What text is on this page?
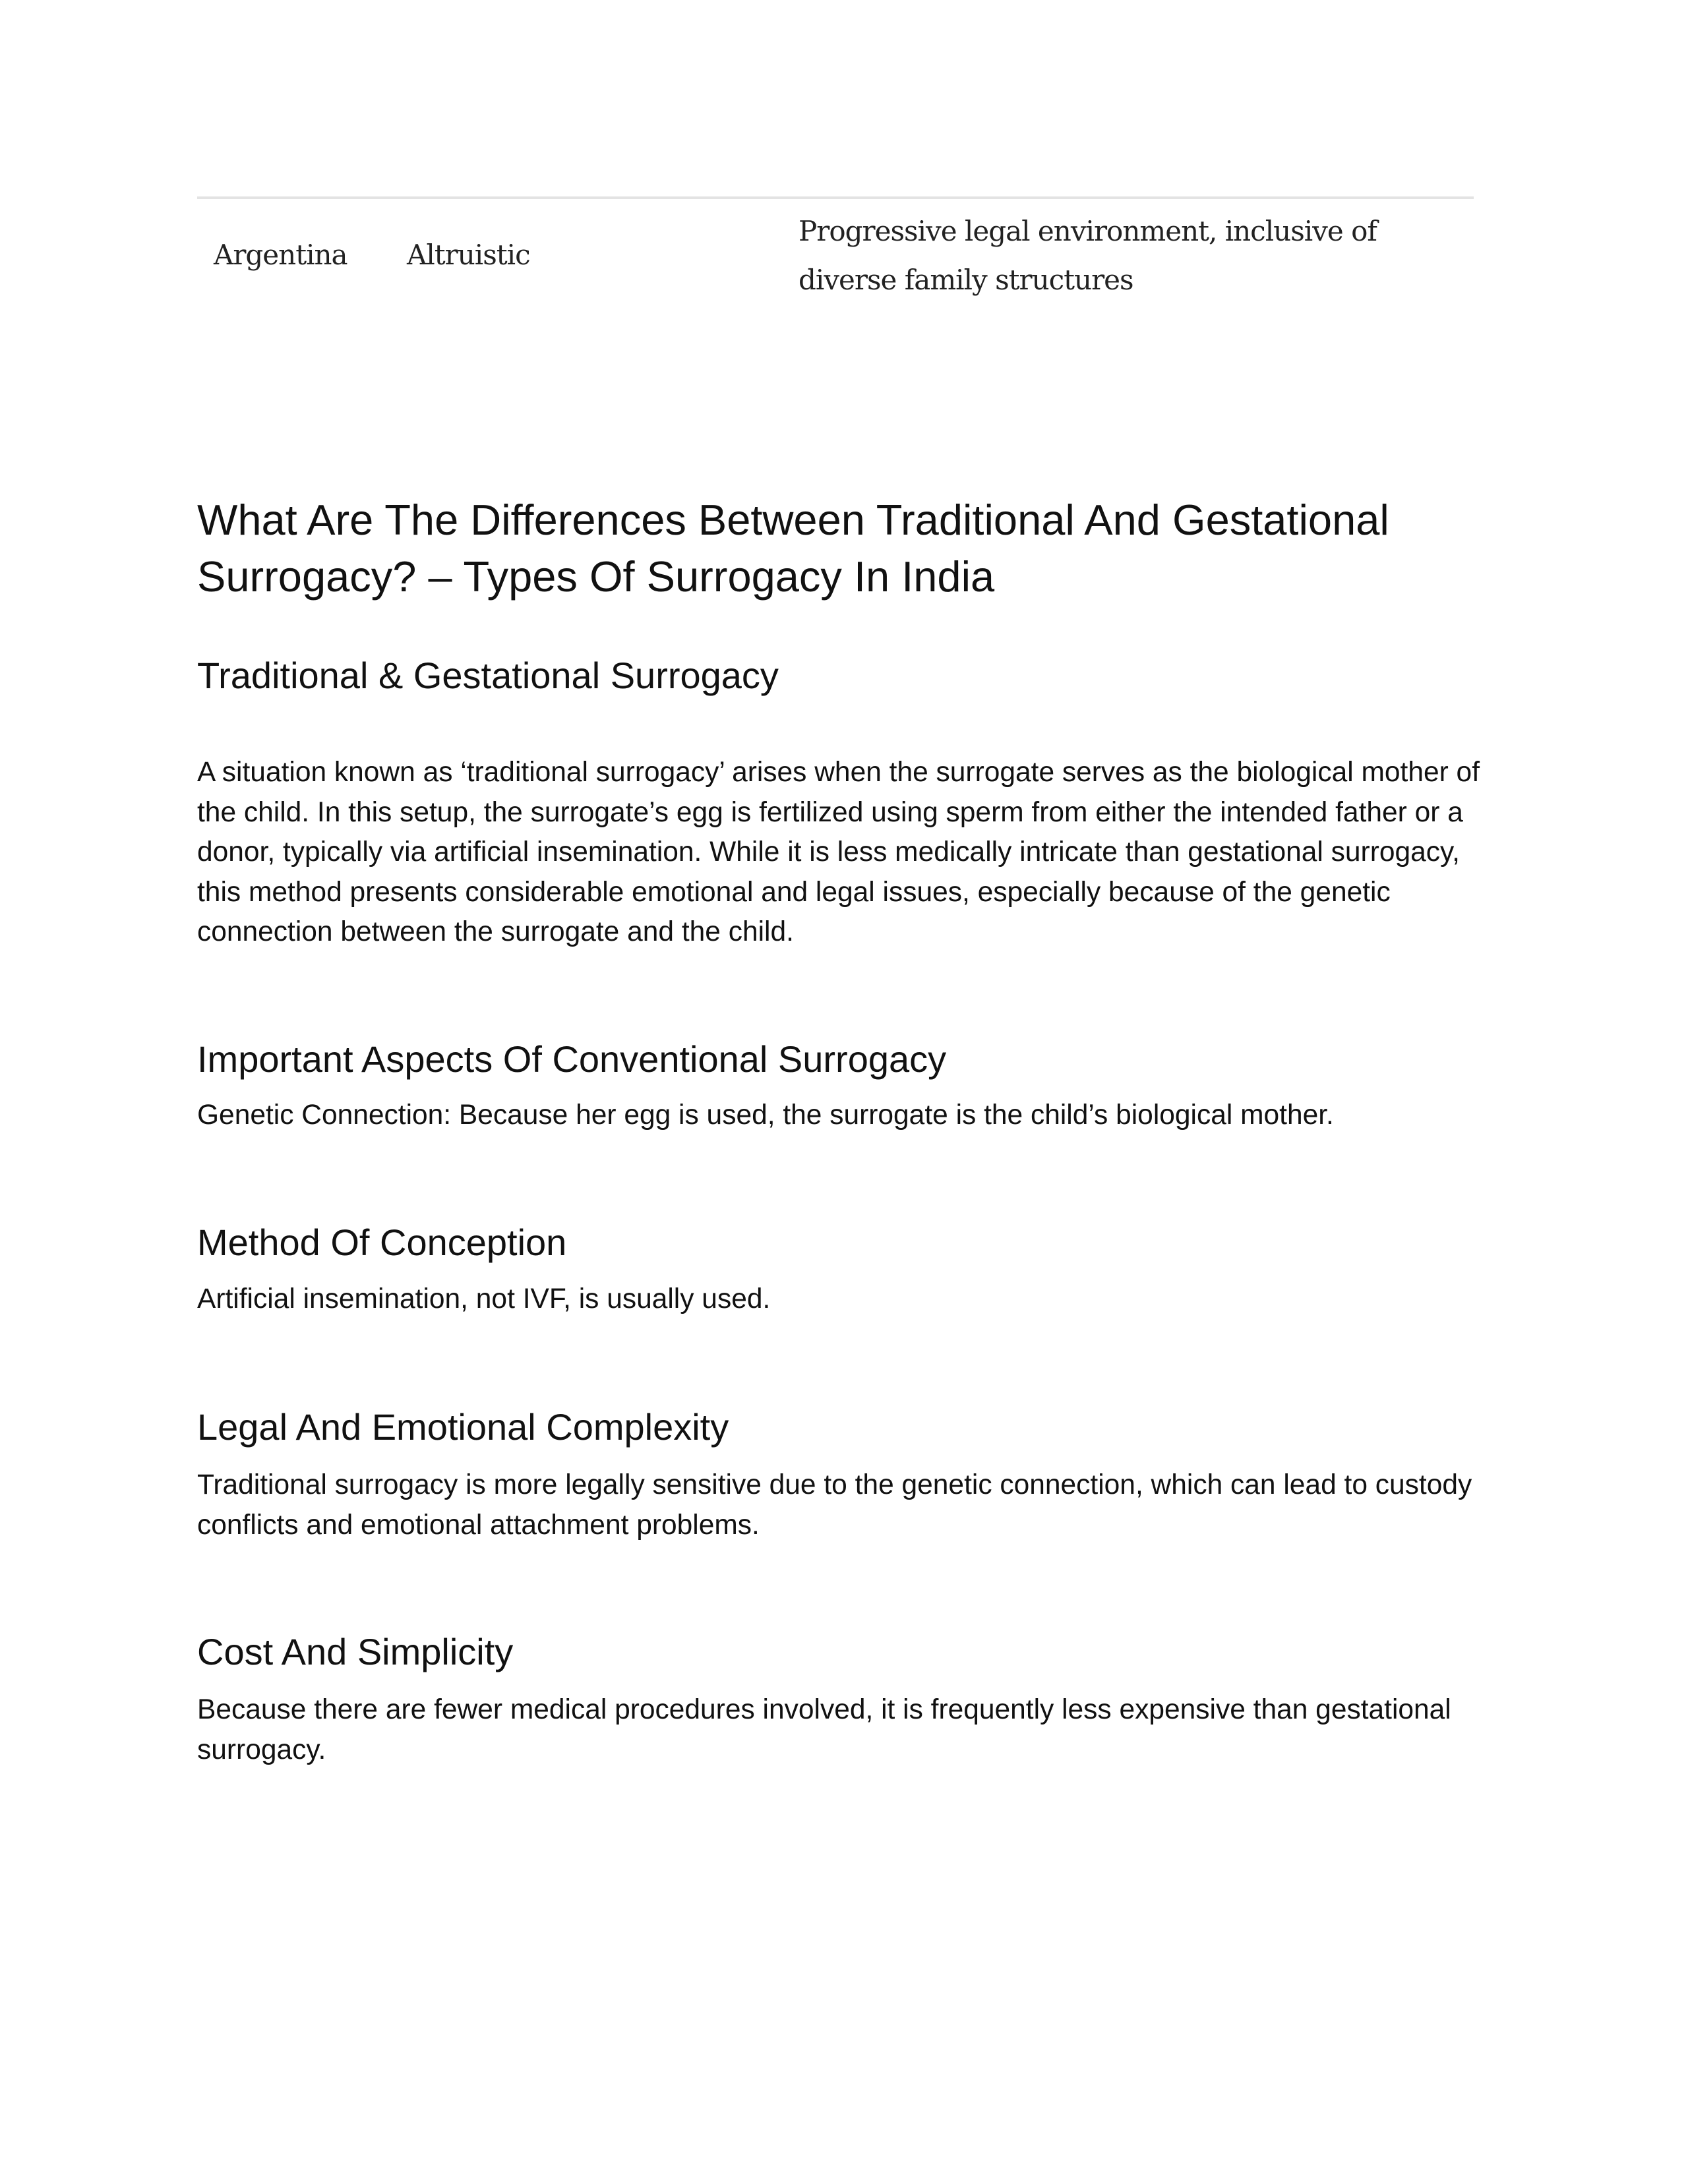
Argentina Altruistic
Progressive legal environment, inclusive of diverse family structures
What Are The Differences Between Traditional And Gestational Surrogacy? – Types Of Surrogacy In India
Traditional & Gestational Surrogacy

A situation known as ‘traditional surrogacy’ arises when the surrogate serves as the biological mother of the child. In this setup, the surrogate’s egg is fertilized using sperm from either the intended father or a donor, typically via artificial insemination. While it is less medically intricate than gestational surrogacy, this method presents considerable emotional and legal issues, especially because of the genetic connection between the surrogate and the child.

Important Aspects Of Conventional Surrogacy

Genetic Connection: Because her egg is used, the surrogate is the child’s biological mother.

Method Of Conception

Artificial insemination, not IVF, is usually used.

Legal And Emotional Complexity

Traditional surrogacy is more legally sensitive due to the genetic connection, which can lead to custody conflicts and emotional attachment problems.

Cost And Simplicity

Because there are fewer medical procedures involved, it is frequently less expensive than gestational surrogacy.
